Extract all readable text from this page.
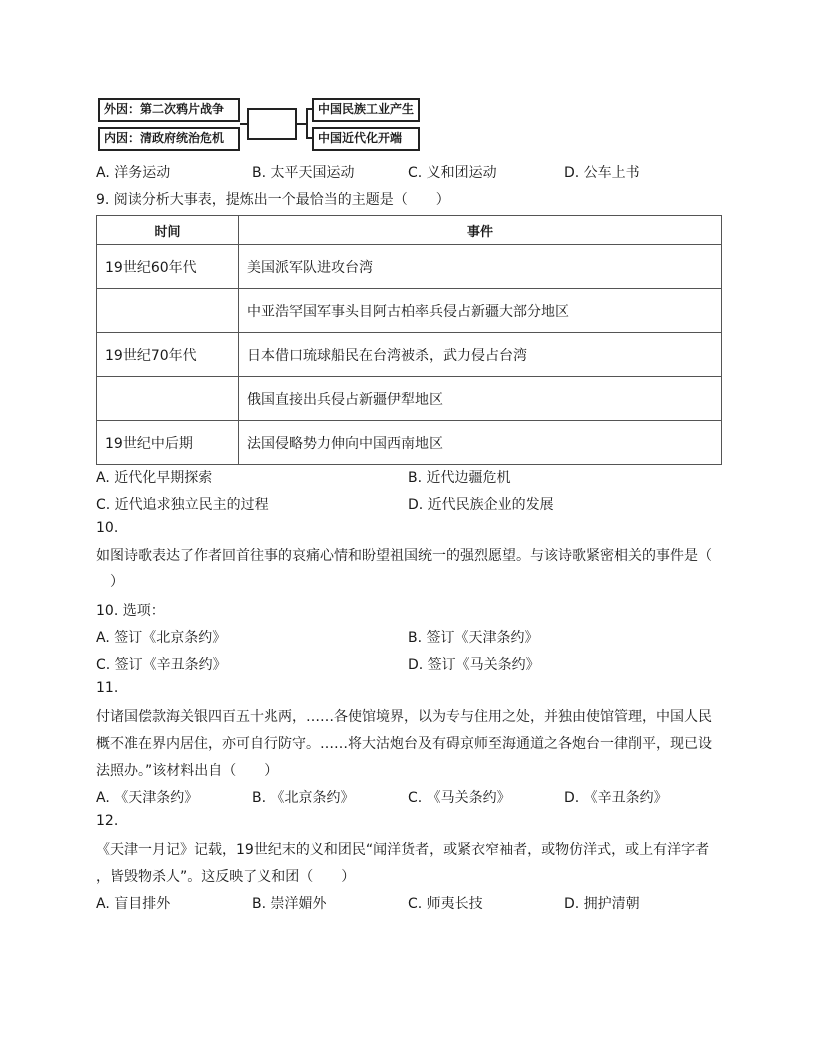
外因：第二次鸦片战争
内因：清政府统治危机
中国民族工业产生
中国近代化开端
A. 洋务运动	B. 太平天国运动	C. 义和团运动	D. 公车上书
9. 阅读分析大事表，提炼出一个最恰当的主题是（　　）
时间	事件
19世纪60年代	美国派军队进攻台湾
	中亚浩罕国军事头目阿古柏率兵侵占新疆大部分地区
19世纪70年代	日本借口琉球船民在台湾被杀，武力侵占台湾
	俄国直接出兵侵占新疆伊犁地区
19世纪中后期	法国侵略势力伸向中国西南地区
A. 近代化早期探索	B. 近代边疆危机
C. 近代追求独立民主的过程	D. 近代民族企业的发展
10.
如图诗歌表达了作者回首往事的哀痛心情和盼望祖国统一的强烈愿望。与该诗歌紧密相关的事件是（
　）
10. 选项：
A. 签订《北京条约》	B. 签订《天津条约》
C. 签订《辛丑条约》	D. 签订《马关条约》
11.
付诸国偿款海关银四百五十兆两，……各使馆境界，以为专与住用之处，并独由使馆管理，中国人民
概不准在界内居住，亦可自行防守。……将大沽炮台及有碍京师至海通道之各炮台一律削平，现已设
法照办。”该材料出自（　　）
A. 《天津条约》	B. 《北京条约》	C. 《马关条约》	D. 《辛丑条约》
12.
《天津一月记》记载，19世纪末的义和团民“闻洋货者，或紧衣窄袖者，或物仿洋式，或上有洋字者
，皆毁物杀人”。这反映了义和团（　　）
A. 盲目排外	B. 崇洋媚外	C. 师夷长技	D. 拥护清朝
